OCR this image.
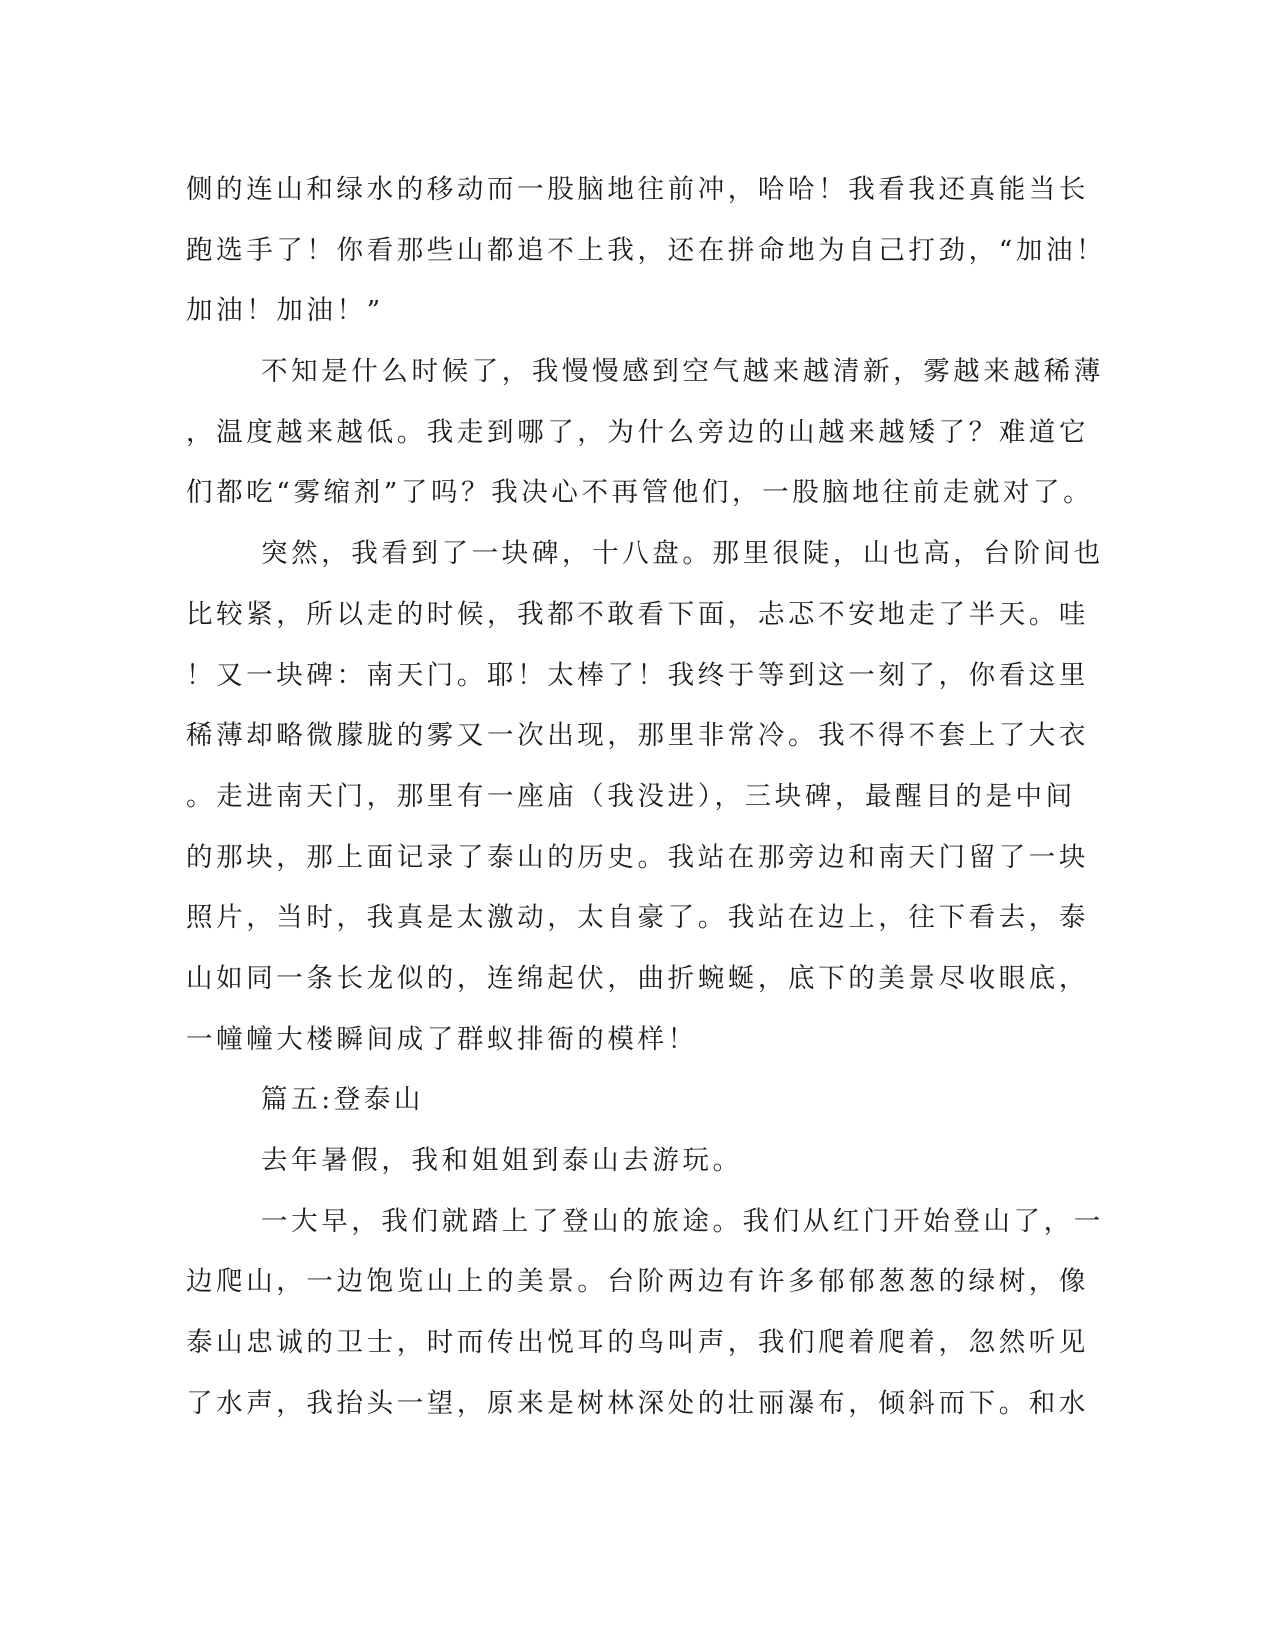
侧的连山和绿水的移动而一股脑地往前冲，哈哈！我看我还真能当长
跑选手了！你看那些山都追不上我，还在拼命地为自己打劲，“加油！
加油！加油！”
不知是什么时候了，我慢慢感到空气越来越清新，雾越来越稀薄
，温度越来越低。我走到哪了，为什么旁边的山越来越矮了？难道它
们都吃“雾缩剂”了吗？我决心不再管他们，一股脑地往前走就对了。
突然，我看到了一块碑，十八盘。那里很陡，山也高，台阶间也
比较紧，所以走的时候，我都不敢看下面，忐忑不安地走了半天。哇
！又一块碑：南天门。耶！太棒了！我终于等到这一刻了，你看这里
稀薄却略微朦胧的雾又一次出现，那里非常冷。我不得不套上了大衣
。走进南天门，那里有一座庙（我没进），三块碑，最醒目的是中间
的那块，那上面记录了泰山的历史。我站在那旁边和南天门留了一块
照片，当时，我真是太激动，太自豪了。我站在边上，往下看去，泰
山如同一条长龙似的，连绵起伏，曲折蜿蜒，底下的美景尽收眼底，
一幢幢大楼瞬间成了群蚁排衙的模样！
篇五:登泰山
去年暑假，我和姐姐到泰山去游玩。
一大早，我们就踏上了登山的旅途。我们从红门开始登山了，一
边爬山，一边饱览山上的美景。台阶两边有许多郁郁葱葱的绿树，像
泰山忠诚的卫士，时而传出悦耳的鸟叫声，我们爬着爬着，忽然听见
了水声，我抬头一望，原来是树林深处的壮丽瀑布，倾斜而下。和水
